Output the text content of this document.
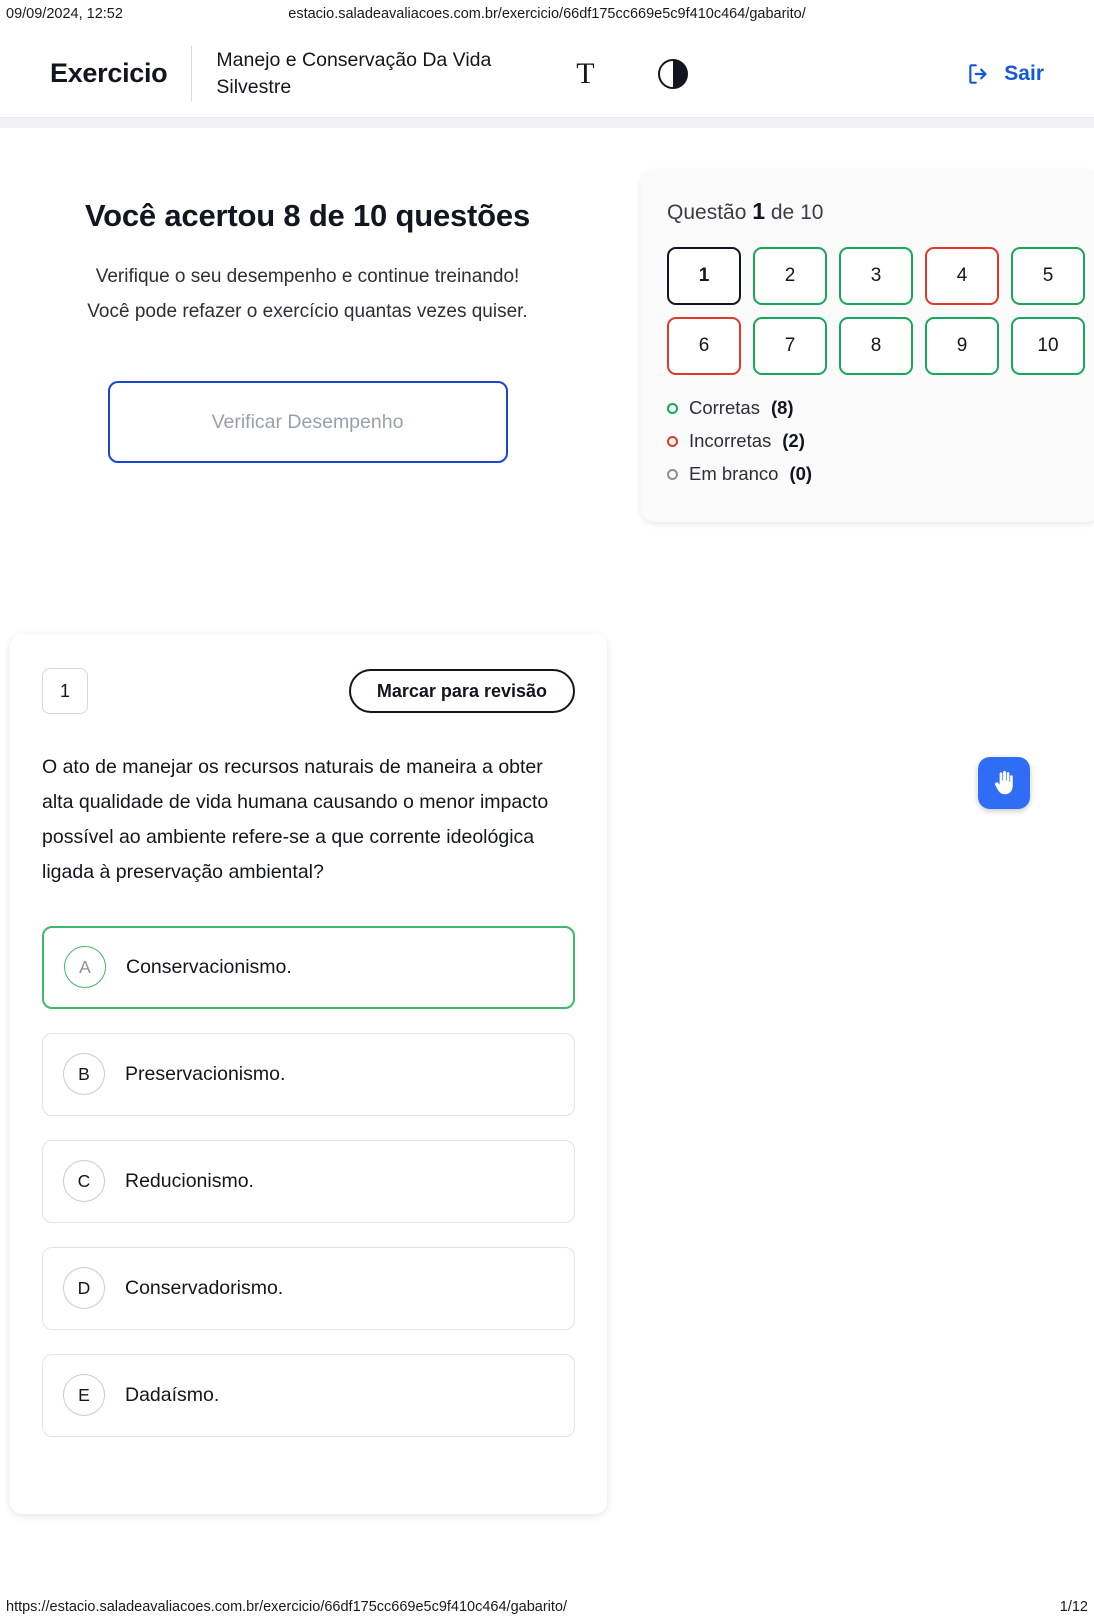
09/09/2024, 12:52	estacio.saladeavaliacoes.com.br/exercicio/66df175cc669e5c9f410c464/gabarito/
Exercicio	Manejo e Conservação Da Vida Silvestre	T	Sair
Você acertou 8 de 10 questões

Verifique o seu desempenho e continue treinando! Você pode refazer o exercício quantas vezes quiser.

Verificar Desempenho
Questão 1 de 10
1	2	3	4	5
6	7	8	9	10
Corretas (8)
Incorretas (2)
Em branco (0)
1	Marcar para revisão
O ato de manejar os recursos naturais de maneira a obter alta qualidade de vida humana causando o menor impacto possível ao ambiente refere-se a que corrente ideológica ligada à preservação ambiental?
A	Conservacionismo.
B	Preservacionismo.
C	Reducionismo.
D	Conservadorismo.
E	Dadaísmo.
https://estacio.saladeavaliacoes.com.br/exercicio/66df175cc669e5c9f410c464/gabarito/	1/12
